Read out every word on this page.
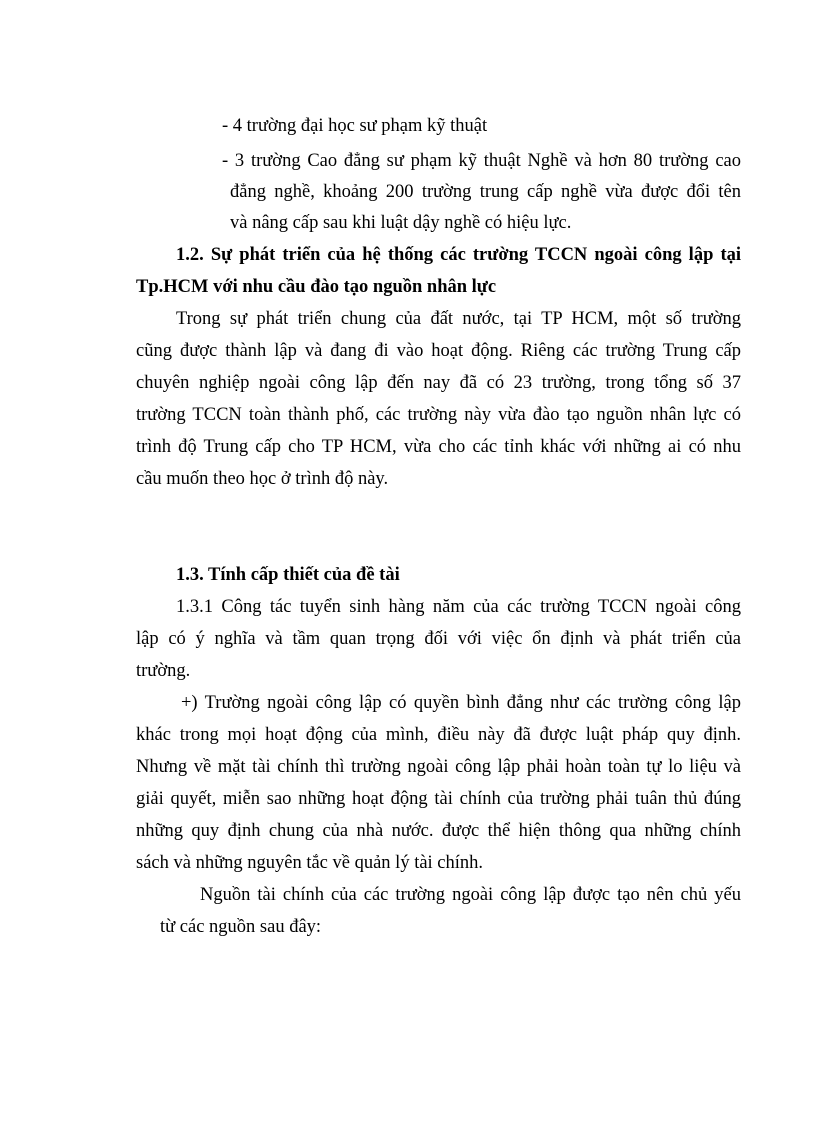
- 4 trường đại học sư phạm kỹ thuật
- 3 trường Cao đẳng sư phạm kỹ thuật Nghề và hơn 80 trường cao
đẳng nghề, khoảng 200 trường trung cấp nghề vừa được đổi tên
và nâng cấp sau khi luật dậy nghề có hiệu lực.
1.2. Sự phát triển của hệ thống các trường TCCN ngoài công lập tại
Tp.HCM với nhu cầu đào tạo nguồn nhân lực
Trong sự phát triển chung của đất nước, tại TP HCM, một số trường
cũng được thành lập và đang đi vào hoạt động. Riêng các trường Trung cấp
chuyên nghiệp ngoài công lập đến nay đã có 23 trường, trong tổng số 37
trường TCCN toàn thành phố, các trường này vừa đào tạo nguồn nhân lực có
trình độ Trung cấp cho TP HCM, vừa cho các tỉnh khác với những ai có nhu
cầu muốn theo học ở trình độ này.
1.3. Tính cấp thiết của đề tài
1.3.1 Công tác tuyển sinh hàng năm của các trường TCCN ngoài công
lập có ý nghĩa và tầm quan trọng đối với việc ổn định và phát triển của
trường.
+) Trường ngoài công lập có quyền bình đẳng như các trường công lập
khác trong mọi hoạt động của mình, điều này đã được luật pháp quy định.
Nhưng về mặt tài chính thì trường ngoài công lập phải hoàn toàn tự lo liệu và
giải quyết, miễn sao những hoạt động tài chính của trường phải tuân thủ đúng
những quy định chung của nhà nước. được thể hiện thông qua những chính
sách và những nguyên tắc về quản lý tài chính.
Nguồn tài chính của các trường ngoài công lập được tạo nên chủ yếu
từ các nguồn sau đây:
